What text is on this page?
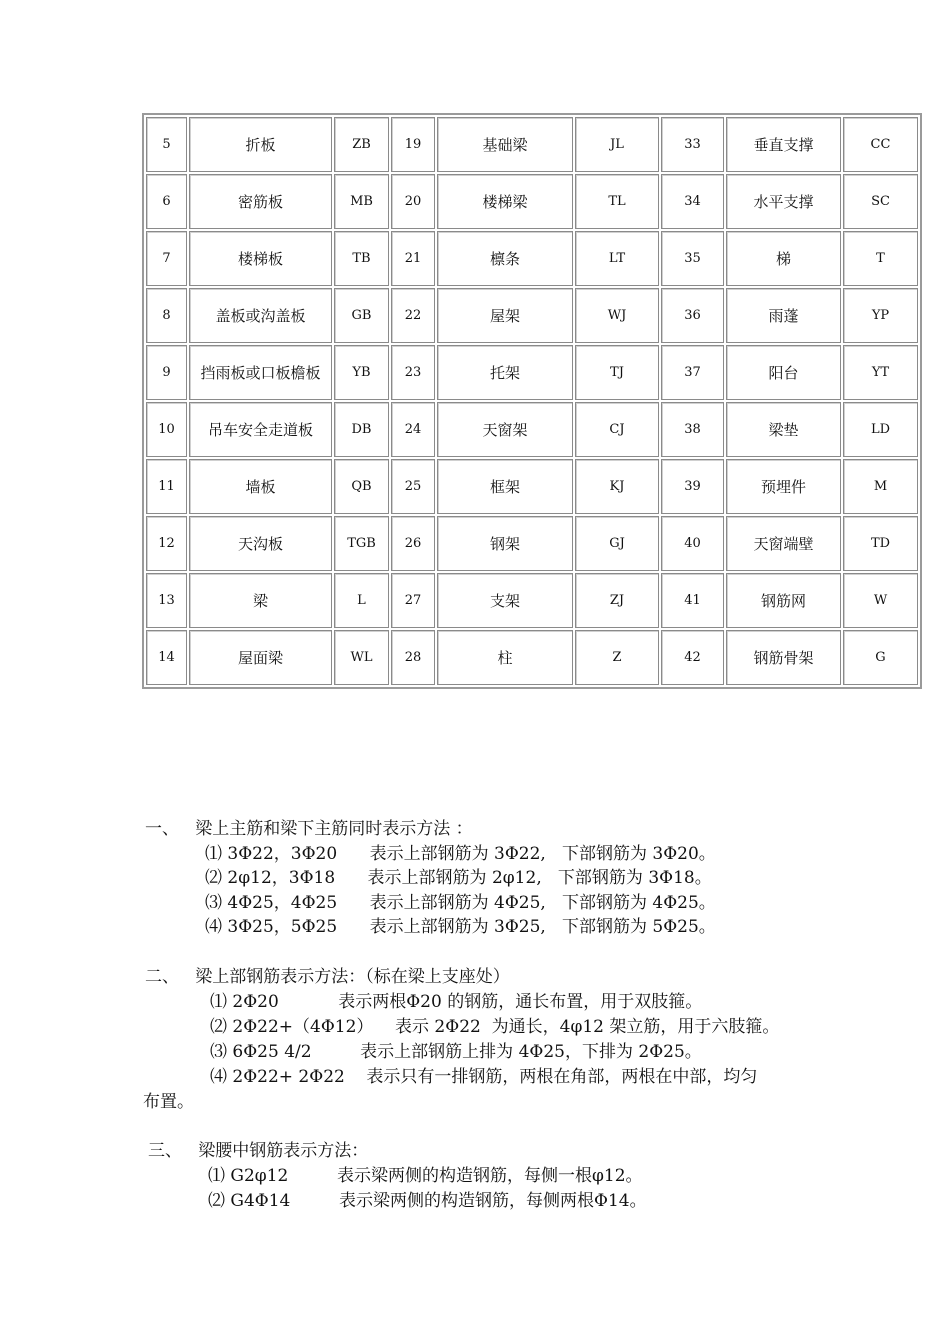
5	折板	ZB	19	基础梁	JL	33	垂直支撑	CC
6	密筋板	MB	20	楼梯梁	TL	34	水平支撑	SC
7	楼梯板	TB	21	檩条	LT	35	梯	T
8	盖板或沟盖板	GB	22	屋架	WJ	36	雨蓬	YP
9	挡雨板或口板檐板	YB	23	托架	TJ	37	阳台	YT
10	吊车安全走道板	DB	24	天窗架	CJ	38	梁垫	LD
11	墙板	QB	25	框架	KJ	39	预埋件	M
12	天沟板	TGB	26	钢架	GJ	40	天窗端壁	TD
13	梁	L	27	支架	ZJ	41	钢筋网	W
14	屋面梁	WL	28	柱	Z	42	钢筋骨架	G
一、   梁上主筋和梁下主筋同时表示方法 ：
⑴ 3Φ22，3Φ20      表示上部钢筋为 3Φ22,   下部钢筋为 3Φ20。
⑵ 2φ12，3Φ18      表示上部钢筋为 2φ12,   下部钢筋为 3Φ18。
⑶ 4Φ25，4Φ25      表示上部钢筋为 4Φ25,   下部钢筋为 4Φ25。
⑷ 3Φ25，5Φ25      表示上部钢筋为 3Φ25,   下部钢筋为 5Φ25。
二、   梁上部钢筋表示方法：（标在梁上支座处）
⑴ 2Φ20           表示两根Φ20 的钢筋，通长布置，用于双肢箍。
⑵ 2Φ22+（4Φ12）    表示 2Φ22  为通长，4φ12 架立筋，用于六肢箍。
⑶ 6Φ25 4/2         表示上部钢筋上排为 4Φ25，下排为 2Φ25。
⑷ 2Φ22+ 2Φ22    表示只有一排钢筋，两根在角部，两根在中部，均匀
布置。
三、   梁腰中钢筋表示方法：
⑴ G2φ12         表示梁两侧的构造钢筋，每侧一根φ12。
⑵ G4Φ14         表示梁两侧的构造钢筋，每侧两根Φ14。
